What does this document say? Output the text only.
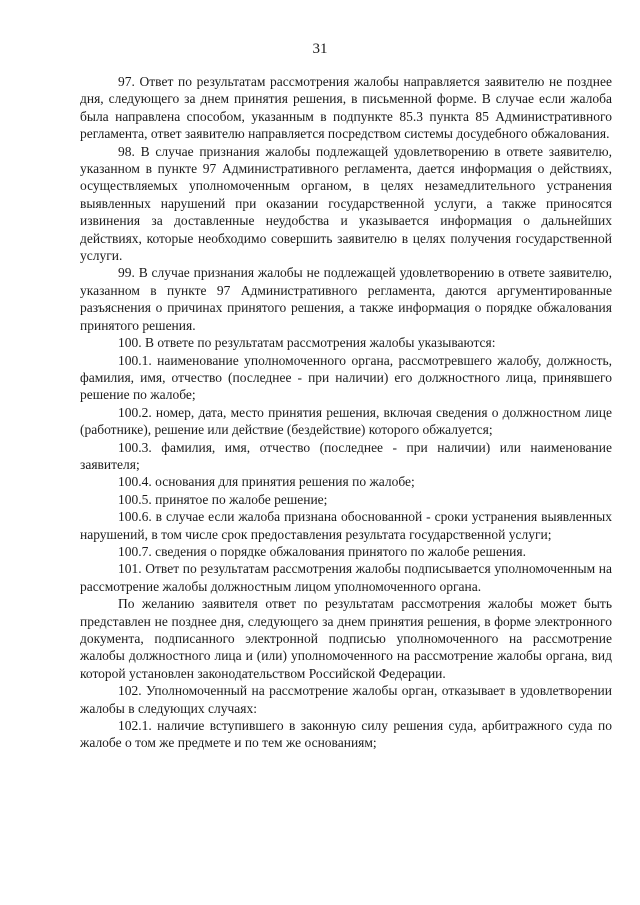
31

97. Ответ по результатам рассмотрения жалобы направляется заявителю не позднее дня, следующего за днем принятия решения, в письменной форме. В случае если жалоба была направлена способом, указанным в подпункте 85.3 пункта 85 Административного регламента, ответ заявителю направляется посредством системы досудебного обжалования.

98. В случае признания жалобы подлежащей удовлетворению в ответе заявителю, указанном в пункте 97 Административного регламента, дается информация о действиях, осуществляемых уполномоченным органом, в целях незамедлительного устранения выявленных нарушений при оказании государственной услуги, а также приносятся извинения за доставленные неудобства и указывается информация о дальнейших действиях, которые необходимо совершить заявителю в целях получения государственной услуги.

99. В случае признания жалобы не подлежащей удовлетворению в ответе заявителю, указанном в пункте 97 Административного регламента, даются аргументированные разъяснения о причинах принятого решения, а также информация о порядке обжалования принятого решения.

100. В ответе по результатам рассмотрения жалобы указываются:

100.1. наименование уполномоченного органа, рассмотревшего жалобу, должность, фамилия, имя, отчество (последнее - при наличии) его должностного лица, принявшего решение по жалобе;

100.2. номер, дата, место принятия решения, включая сведения о должностном лице (работнике), решение или действие (бездействие) которого обжалуется;

100.3. фамилия, имя, отчество (последнее - при наличии) или наименование заявителя;

100.4. основания для принятия решения по жалобе;

100.5. принятое по жалобе решение;

100.6. в случае если жалоба признана обоснованной - сроки устранения выявленных нарушений, в том числе срок предоставления результата государственной услуги;

100.7. сведения о порядке обжалования принятого по жалобе решения.

101. Ответ по результатам рассмотрения жалобы подписывается уполномоченным на рассмотрение жалобы должностным лицом уполномоченного органа.

По желанию заявителя ответ по результатам рассмотрения жалобы может быть представлен не позднее дня, следующего за днем принятия решения, в форме электронного документа, подписанного электронной подписью уполномоченного на рассмотрение жалобы должностного лица и (или) уполномоченного на рассмотрение жалобы органа, вид которой установлен законодательством Российской Федерации.

102. Уполномоченный на рассмотрение жалобы орган, отказывает в удовлетворении жалобы в следующих случаях:

102.1. наличие вступившего в законную силу решения суда, арбитражного суда по жалобе о том же предмете и по тем же основаниям;
